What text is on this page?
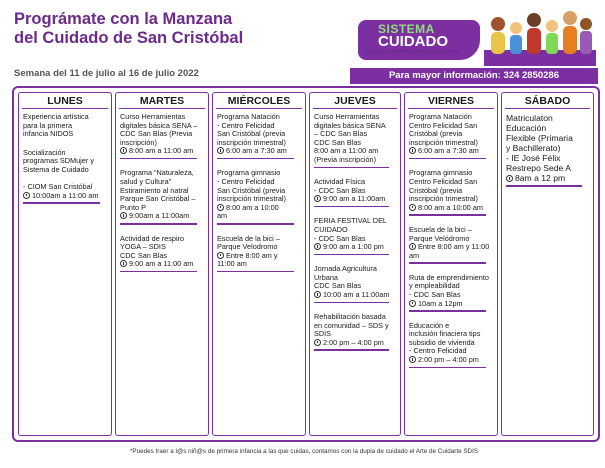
Prográmate con la Manzana
del Cuidado de San Cristóbal
Semana del 11 de julio al 16 de julio 2022
SISTEMA
CUIDADO
Tiempo y servicios para las mujeres
Para mayor información: 324 2850286
LUNES
Experiencia artística
para la primera
infancia NIDOS
Socialización
programas SDMujer y
Sistema de Cuidado

- CIOM San Cristóbal
10:00am a 11:00 am
MARTES
Curso Herramientas
digitales básica SENA –
CDC San Blas (Previa
inscripción)
8:00 am a 11:00 am
Programa “Naturaleza,
salud y Cultura”
Estiramiento al natral
Parque San Cristóbal –
Punto P
9:00am a 11:00am
Actividad de respiro
YOGA – SDIS
CDC San Blas
9:00 am a 11:00 am
MIÉRCOLES
Programa Natación
- Centro Felicidad
San Cristóbal (previa
inscripción trimestral)
6:00 am a 7:30 am
Programa gimnasio
- Centro Felicidad
San Cristóbal (previa
inscripción trimestral)
8:00 am a 10:00
am
Escuela de la bici –
Parque Velodromo
Entre 8:00 am y
11:00 am
JUEVES
Curso Herramientas
digitales básica SENA
– CDC San Blas
CDC San Blas
8:00 am a 11:00 am
(Previa inscripción)
Actividad Física
- CDC San Blas
9:00 am a 11:00am
FERIA FESTIVAL DEL
CUIDADO
- CDC San Blas
9:00 am a 1:00 pm
Jornada Agricultura
Urbana
CDC San Blas
10:00 am a 11:00am
Rehabilitación basada
en comunidad – SDS y
SDIS
2:00 pm – 4:00 pm
VIERNES
Programa Natación
Centro Felicidad San
Cristóbal (previa
inscripción trimestral)
6:00 am a 7:30 am
Programa gimnasio
Centro Felicidad San
Cristóbal (previa
inscripción trimestral)
8:00 am a 10:00 am
Escuela de la bici –
Parque Velódromo
Entre 8:00 am y 11:00
am
Ruta de emprendimiento
y empleabilidad
- CDC San Blas
10am a 12pm
Educación e
inclusión finaciera tips
subsidio de vivienda
- Centro Felicidad
2:00 pm – 4:00 pm
SÁBADO
Matriculaton
Educación
Flexible (Primaria
y Bachillerato)
- IE José Félix
Restrepo Sede A
8am a 12 pm
*Puedes traer a l@s niñ@s de primera infancia a las que cuidas, contamos con la dupla de cuidado el Arte de Cuidarte SDIS
